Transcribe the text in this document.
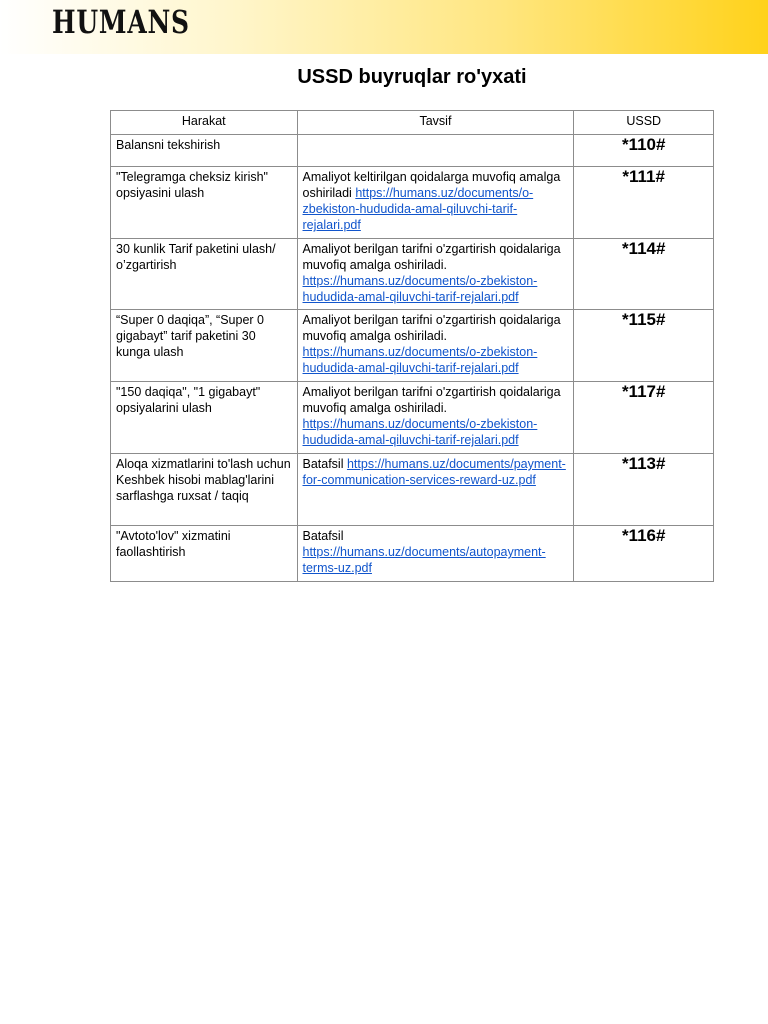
HUMANS
USSD buyruqlar ro'yxati
Harakat	Tavsif	USSD
Balansni tekshirish		*110#
"Telegramga cheksiz kirish" opsiyasini ulash	Amaliyot keltirilgan qoidalarga muvofiq amalga oshiriladi https://humans.uz/documents/o-zbekiston-hududida-amal-qiluvchi-tarif-rejalari.pdf	*111#
30 kunlik Tarif paketini ulash/ o’zgartirish	Amaliyot berilgan tarifni o'zgartirish qoidalariga muvofiq amalga oshiriladi. https://humans.uz/documents/o-zbekiston-hududida-amal-qiluvchi-tarif-rejalari.pdf	*114#
“Super 0 daqiqa”, “Super 0 gigabayt” tarif paketini 30 kunga ulash	Amaliyot berilgan tarifni o'zgartirish qoidalariga muvofiq amalga oshiriladi. https://humans.uz/documents/o-zbekiston-hududida-amal-qiluvchi-tarif-rejalari.pdf	*115#
"150 daqiqa", "1 gigabayt" opsiyalarini ulash	Amaliyot berilgan tarifni o'zgartirish qoidalariga muvofiq amalga oshiriladi. https://humans.uz/documents/o-zbekiston-hududida-amal-qiluvchi-tarif-rejalari.pdf	*117#
Aloqa xizmatlarini to'lash uchun Keshbek hisobi mablag'larini sarflashga ruxsat / taqiq	Batafsil https://humans.uz/documents/payment-for-communication-services-reward-uz.pdf	*113#
"Avtoto'lov" xizmatini faollashtirish	Batafsil https://humans.uz/documents/autopayment-terms-uz.pdf	*116#
